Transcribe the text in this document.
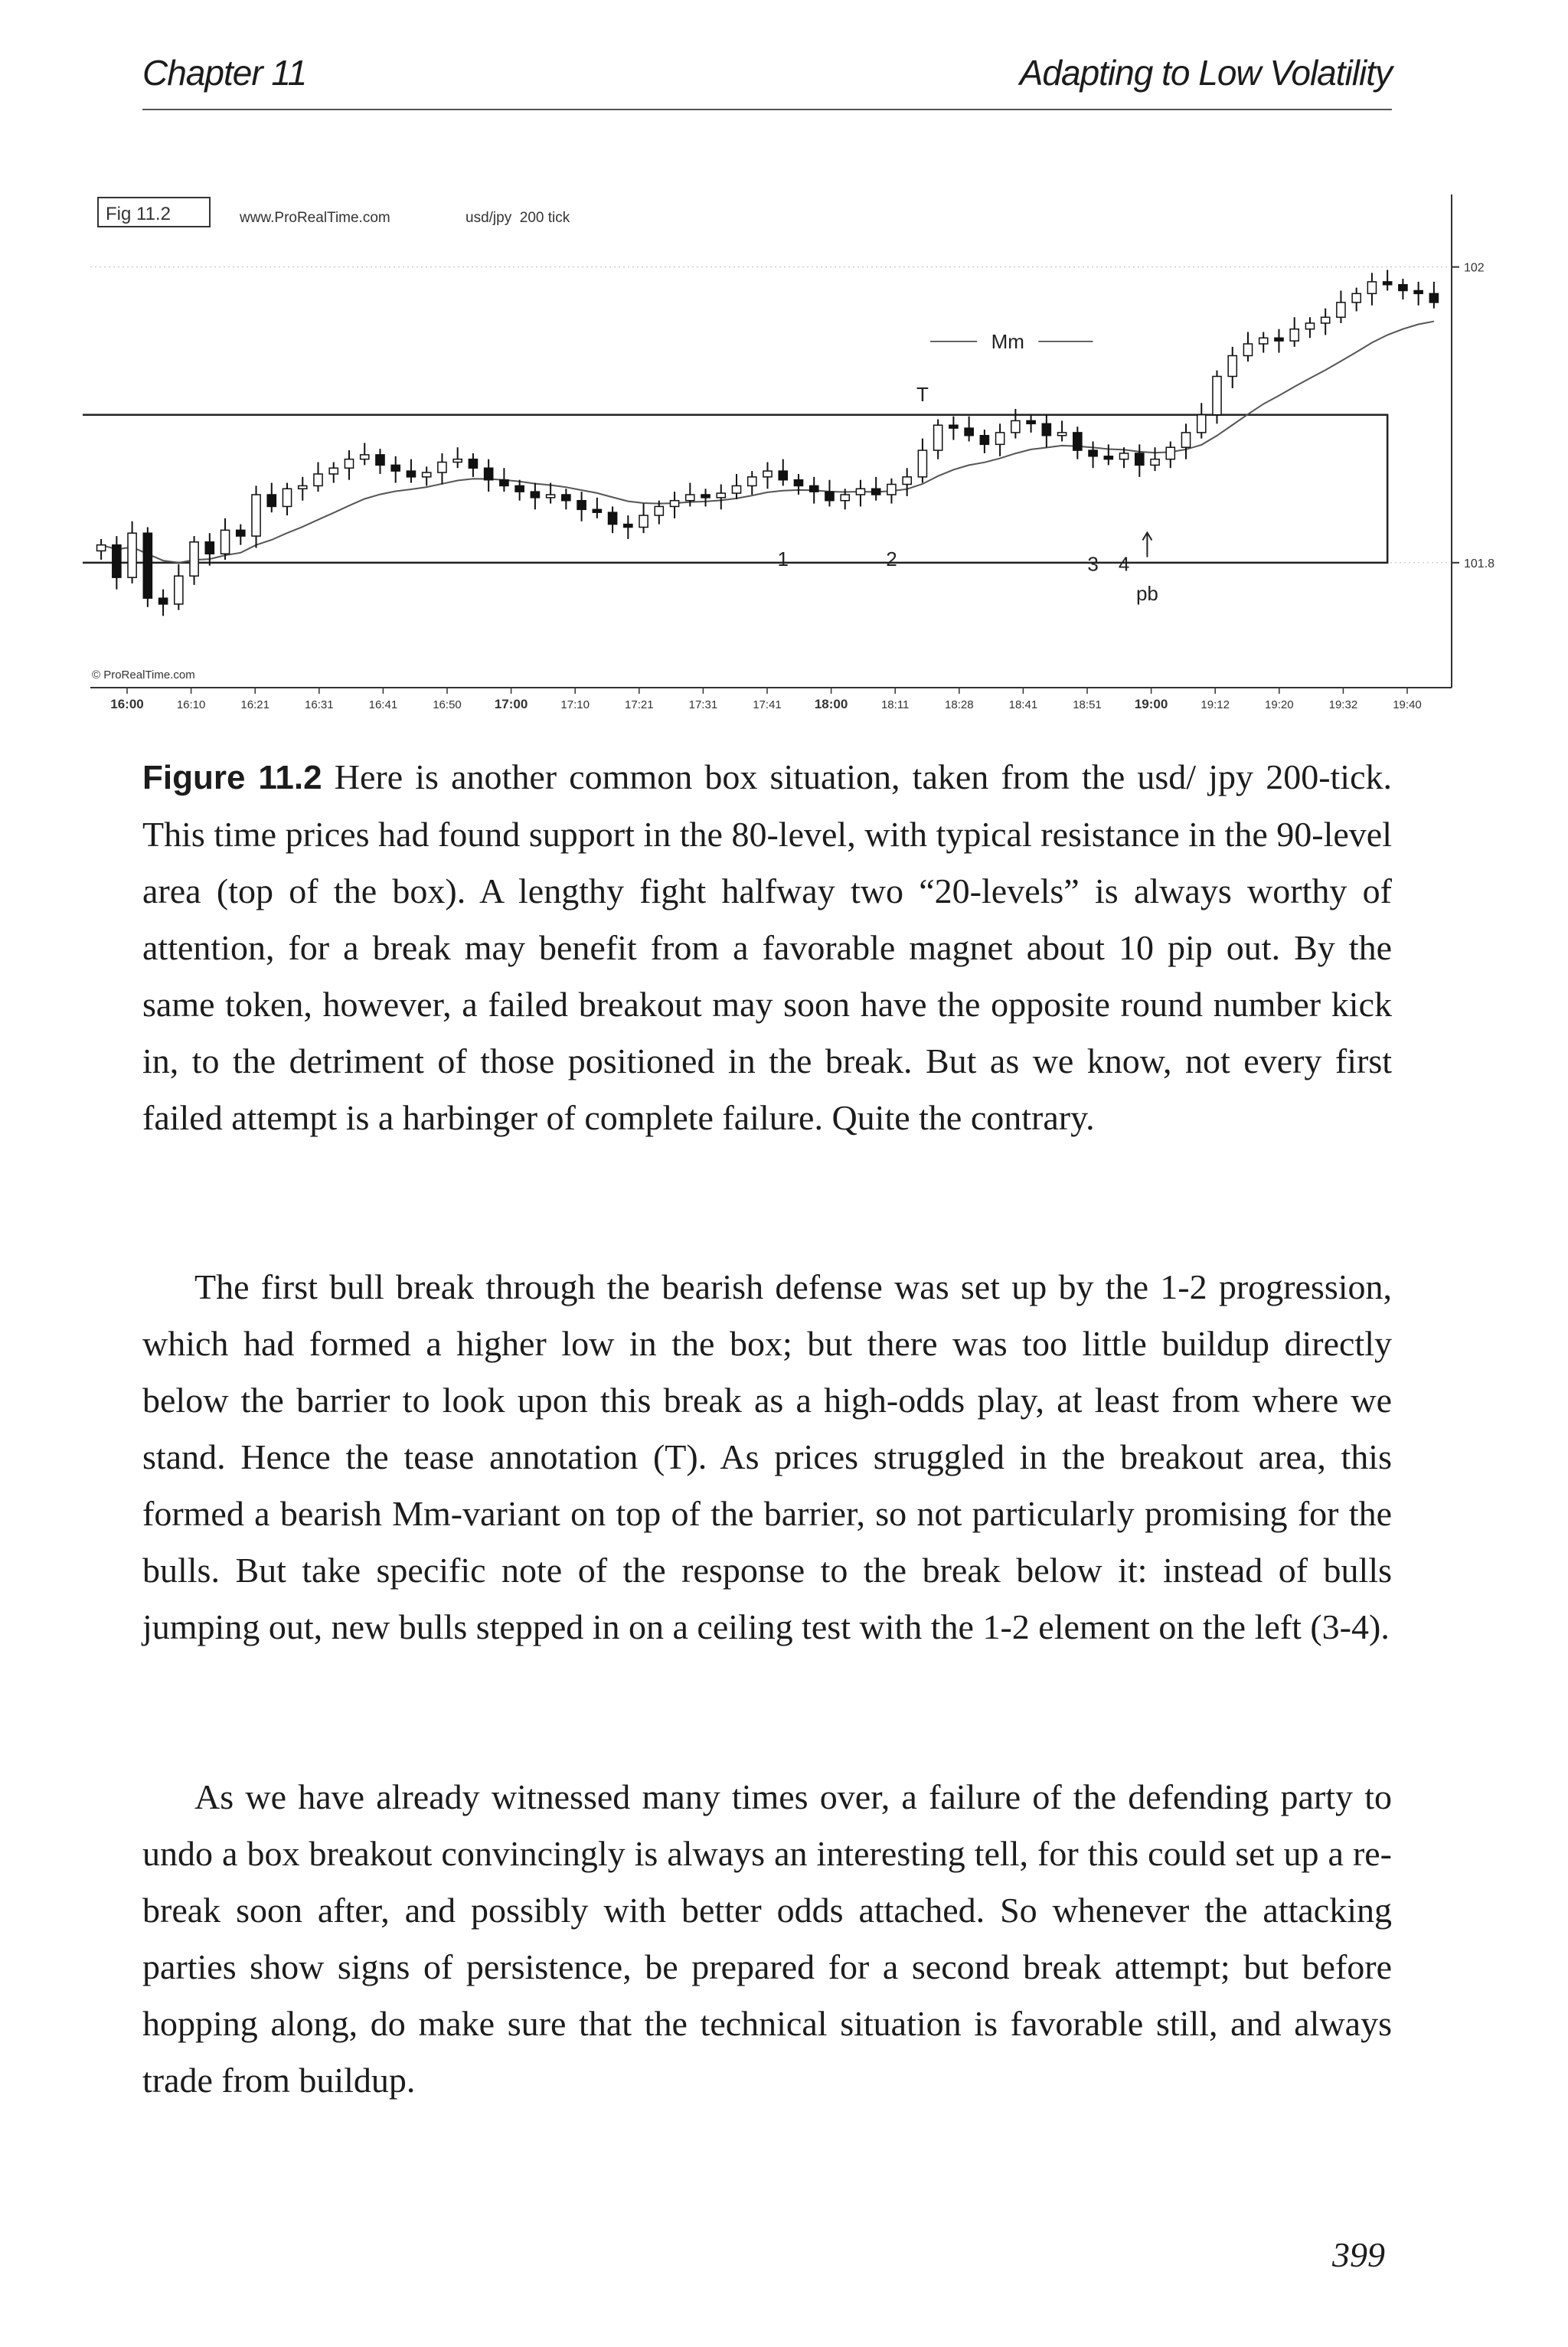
Chapter 11	Adapting to Low Volatility
Fig 11.2	www.ProRealTime.com	usd/jpy  200 tick
102
101.8
16:00	16:10	16:21	16:31	16:41	16:50	17:00	17:10	17:21	17:31	17:41	18:00	18:11	18:28	18:41	18:51	19:00	19:12	19:20	19:32	19:40
T
Mm
1	2	3 4
pb
© ProRealTime.com
Figure 11.2 Here is another common box situation, taken from the usd/ jpy 200-tick. This time prices had found support in the 80-level, with typical resistance in the 90-level area (top of the box). A lengthy fight halfway two “20-levels” is always worthy of attention, for a break may benefit from a favorable magnet about 10 pip out. By the same token, however, a failed breakout may soon have the opposite round number kick in, to the detriment of those positioned in the break. But as we know, not every first failed attempt is a harbinger of complete failure. Quite the contrary.

The first bull break through the bearish defense was set up by the 1-2 progression, which had formed a higher low in the box; but there was too little buildup directly below the barrier to look upon this break as a high-odds play, at least from where we stand. Hence the tease annotation (T). As prices struggled in the breakout area, this formed a bearish Mm-variant on top of the barrier, so not particularly promising for the bulls. But take specific note of the response to the break below it: instead of bulls jumping out, new bulls stepped in on a ceiling test with the 1-2 element on the left (3-4).

As we have already witnessed many times over, a failure of the defending party to undo a box breakout convincingly is always an interesting tell, for this could set up a re-break soon after, and possibly with better odds attached. So whenever the attacking parties show signs of persistence, be prepared for a second break attempt; but before hopping along, do make sure that the technical situation is favorable still, and always trade from buildup.

399
